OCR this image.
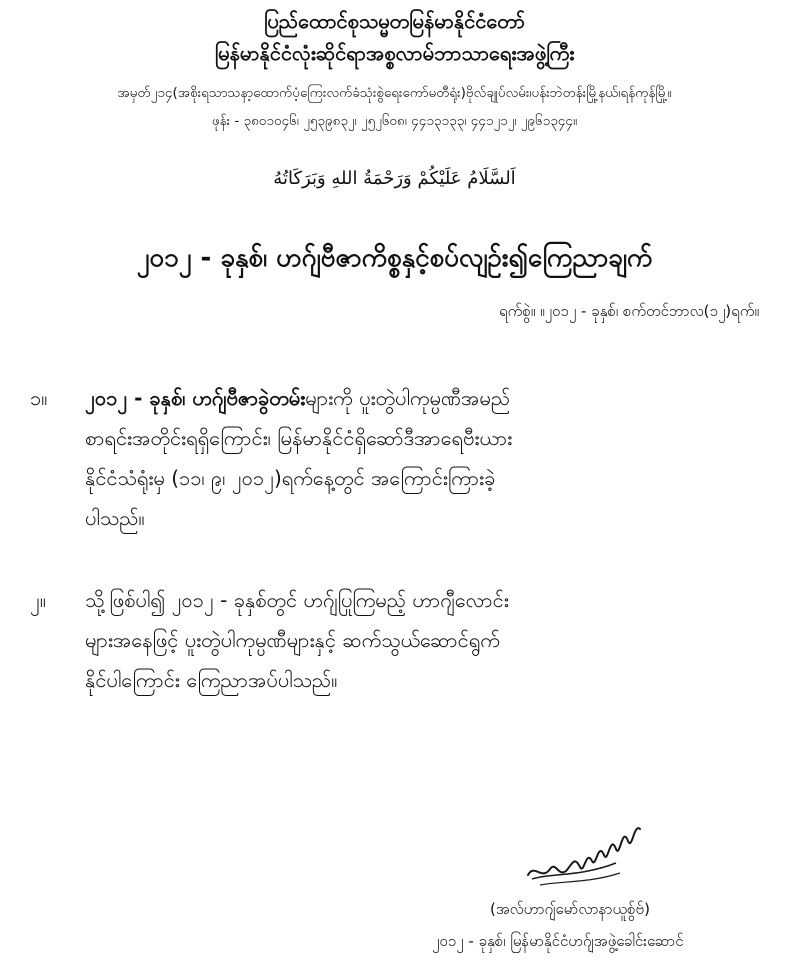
ပြည်ထောင်စုသမ္မတမြန်မာနိုင်ငံတော်
မြန်မာနိုင်ငံလုံးဆိုင်ရာအစ္စလာမ်ဘာသာရေးအဖွဲ့ကြီး
အမှတ်၂၁၄(အစိုးရသာသနာ့ထောက်ပံ့ကြေးလက်ခံသုံးစွဲရေးကော်မတီရုံး)ဗိုလ်ချုပ်လမ်း၊ပန်းဘဲတန်းမြို့နယ်၊ရန်ကုန်မြို့။
ဖုန်း - ၃၈၀၁၀၄၆၊ ၂၅၃၉၈၃၂၊ ၂၅၂၆၀၈၊ ၄၄၁၃၁၃၃၊ ၄၄၁၂၁၂၊ ၂၉၆၁၃၄၄။
اَلسَّلَامُ عَلَيْكُمْ وَرَحْمَةُ اللهِ وَبَرَكَاتُهُ
၂၀၁၂ - ခုနှစ်၊ ဟဂ်ျဗီဇာကိစ္စနှင့်စပ်လျဉ်း၍ကြေညာချက်
ရက်စွဲ။ ။၂၀၁၂ - ခုနှစ်၊ စက်တင်ဘာလ(၁၂)ရက်။
၁။ ၂၀၁၂ - ခုနှစ်၊ ဟဂ်ျဗီဇာခွဲတမ်းများကို ပူးတွဲပါကုမ္ပဏီအမည်
စာရင်းအတိုင်းရရှိကြောင်း၊ မြန်မာနိုင်ငံရှိဆော်ဒီအာရေဗီးယား
နိုင်ငံသံရုံးမှ (၁၁၊ ၉၊ ၂၀၁၂)ရက်နေ့တွင် အကြောင်းကြားခဲ့
ပါသည်။
၂။ သို့ဖြစ်ပါ၍ ၂၀၁၂ - ခုနှစ်တွင် ဟဂ်ျပြုကြမည့် ဟာဂျီလောင်း
များအနေဖြင့် ပူးတွဲပါကုမ္ပဏီများနှင့် ဆက်သွယ်ဆောင်ရွက်
နိုင်ပါကြောင်း ကြေညာအပ်ပါသည်။
(အလ်ဟာဂျ်မော်လာနာယူစွ်ဗ်)
၂၀၁၂ - ခုနှစ်၊ မြန်မာနိုင်ငံဟဂ်ျအဖွဲ့ခေါင်းဆောင်
